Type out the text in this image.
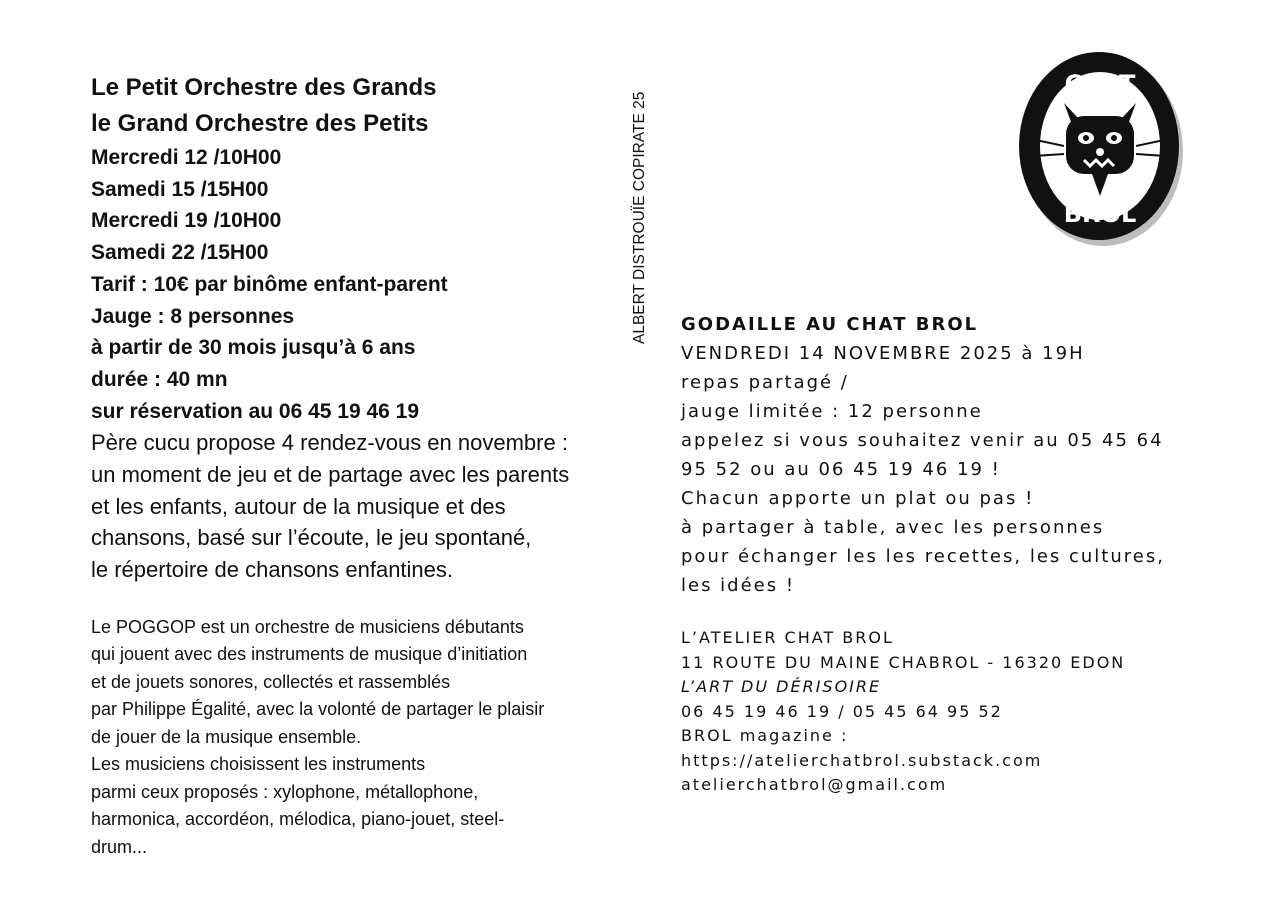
Le Petit Orchestre des Grands

le Grand Orchestre des Petits

Mercredi 12 /10H00

Samedi 15 /15H00

Mercredi 19 /10H00

Samedi 22 /15H00

Tarif : 10€ par binôme enfant-parent

Jauge : 8 personnes

à partir de 30 mois jusqu’à 6 ans

durée : 40 mn

sur réservation au 06 45 19 46 19

Père cucu propose 4 rendez-vous en novembre :

un moment de jeu et de partage avec les parents

et les enfants, autour de la musique et des

chansons, basé sur l’écoute, le jeu spontané,

le répertoire de chansons enfantines.

Le POGGOP est un orchestre de musiciens débutants
qui jouent avec des instruments de musique d’initiation
et de jouets sonores, collectés et rassemblés
par Philippe Égalité, avec la volonté de partager le plaisir
de jouer de la musique ensemble.
Les musiciens choisissent les instruments
parmi ceux proposés : xylophone, métallophone,
harmonica, accordéon, mélodica, piano-jouet, steel-
drum...
ALBERT DISTROUÏE COPIRATE 25
CHAT
BROL

GODAILLE AU CHAT BROL

VENDREDI 14 NOVEMBRE 2025 à 19H

repas partagé /

jauge limitée : 12 personne

appelez si vous souhaitez venir au 05 45 64

95 52 ou au 06 45 19 46 19 !

Chacun apporte un plat ou pas !

à partager à table, avec les personnes

pour échanger les les recettes, les cultures,

les idées !

L’ATELIER CHAT BROL

11 ROUTE DU MAINE CHABROL - 16320 EDON

L’ART DU DÉRISOIRE

06 45 19 46 19 / 05 45 64 95 52

BROL magazine :

https://atelierchatbrol.substack.com

atelierchatbrol@gmail.com
